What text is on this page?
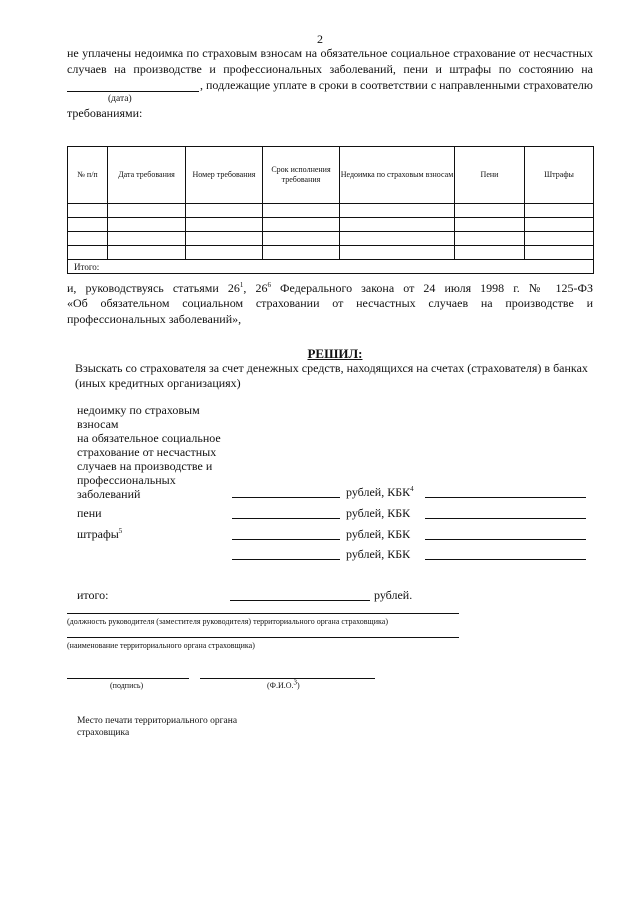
2
не уплачены недоимка по страховым взносам на обязательное социальное страхование от несчастных
случаев на производстве и профессиональных заболеваний, пени и штрафы по состоянию на
, подлежащие уплате в сроки в соответствии с направленными страхователю
(дата)
требованиями:
№ п/п	Дата требования	Номер требования	Срок исполнения требования	Недоимка по страховым взносам	Пени	Штрафы

Итого:						
и, руководствуясь статьями $26^1$, $26^6$ Федерального закона от 24 июля 1998 г. № 125-ФЗ
«Об обязательном социальном страховании от несчастных случаев на производстве и
профессиональных заболеваний»,
РЕШИЛ:
Взыскать со страхователя за счет денежных средств, находящихся на счетах (страхователя) в банках
(иных кредитных организациях)
недоимку по страховым
взносам
на обязательное социальное
страхование от несчастных
случаев на производстве и
профессиональных
заболеваний	рублей, КБК$^4$
пени	рублей, КБК
штрафы$^5$	рублей, КБК
рублей, КБК
итого:	рублей.
(должность руководителя (заместителя руководителя) территориального органа страховщика)
(наименование территориального органа страховщика)
(подпись)	(Ф.И.О.$^3$)
Место печати территориального органа
страховщика
